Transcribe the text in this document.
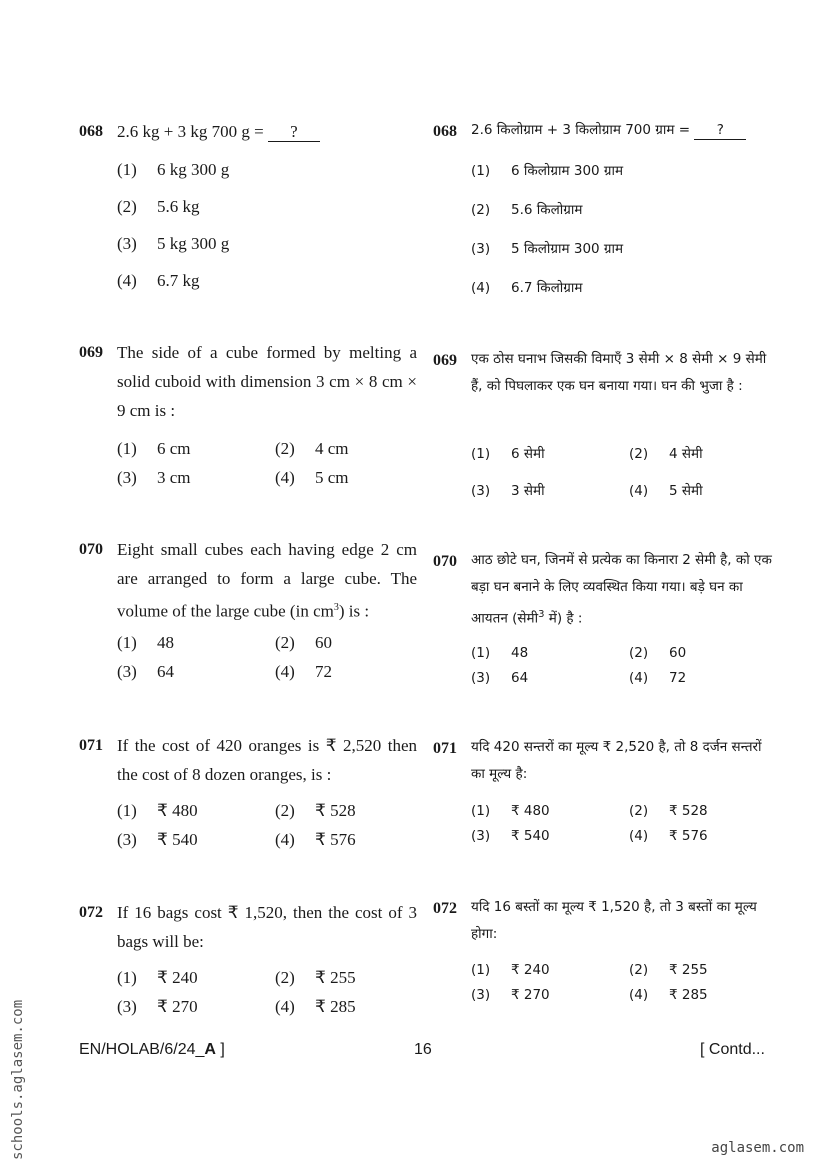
068 2.6 kg + 3 kg 700 g = ?
(1) 6 kg 300 g
(2) 5.6 kg
(3) 5 kg 300 g
(4) 6.7 kg
069 The side of a cube formed by melting a solid cuboid with dimension 3 cm × 8 cm × 9 cm is :
(1) 6 cm	(2) 4 cm
(3) 3 cm	(4) 5 cm
070 Eight small cubes each having edge 2 cm are arranged to form a large cube. The volume of the large cube (in $cm^3$) is :
(1) 48	(2) 60
(3) 64	(4) 72
071 If the cost of 420 oranges is ₹ 2,520 then the cost of 8 dozen oranges, is :
(1) ₹ 480	(2) ₹ 528
(3) ₹ 540	(4) ₹ 576
072 If 16 bags cost ₹ 1,520, then the cost of 3 bags will be:
(1) ₹ 240	(2) ₹ 255
(3) ₹ 270	(4) ₹ 285
068 2.6 किलोग्राम + 3 किलोग्राम 700 ग्राम = ?
(1) 6 किलोग्राम 300 ग्राम
(2) 5.6 किलोग्राम
(3) 5 किलोग्राम 300 ग्राम
(4) 6.7 किलोग्राम
069 एक ठोस घनाभ जिसकी विमाएँ 3 सेमी × 8 सेमी × 9 सेमी हैं, को पिघलाकर एक घन बनाया गया। घन की भुजा है :
(1) 6 सेमी	(2) 4 सेमी
(3) 3 सेमी	(4) 5 सेमी
070 आठ छोटे घन, जिनमें से प्रत्येक का किनारा 2 सेमी है, को एक बड़ा घन बनाने के लिए व्यवस्थित किया गया। बड़े घन का आयतन (सेमी$^3$ में) है :
(1) 48	(2) 60
(3) 64	(4) 72
071 यदि 420 सन्तरों का मूल्य ₹ 2,520 है, तो 8 दर्जन सन्तरों का मूल्य है:
(1) ₹ 480	(2) ₹ 528
(3) ₹ 540	(4) ₹ 576
072 यदि 16 बस्तों का मूल्य ₹ 1,520 है, तो 3 बस्तों का मूल्य होगा:
(1) ₹ 240	(2) ₹ 255
(3) ₹ 270	(4) ₹ 285
EN/HOLAB/6/24_A ]	16	[ Contd...
schools.aglasem.com	aglasem.com
